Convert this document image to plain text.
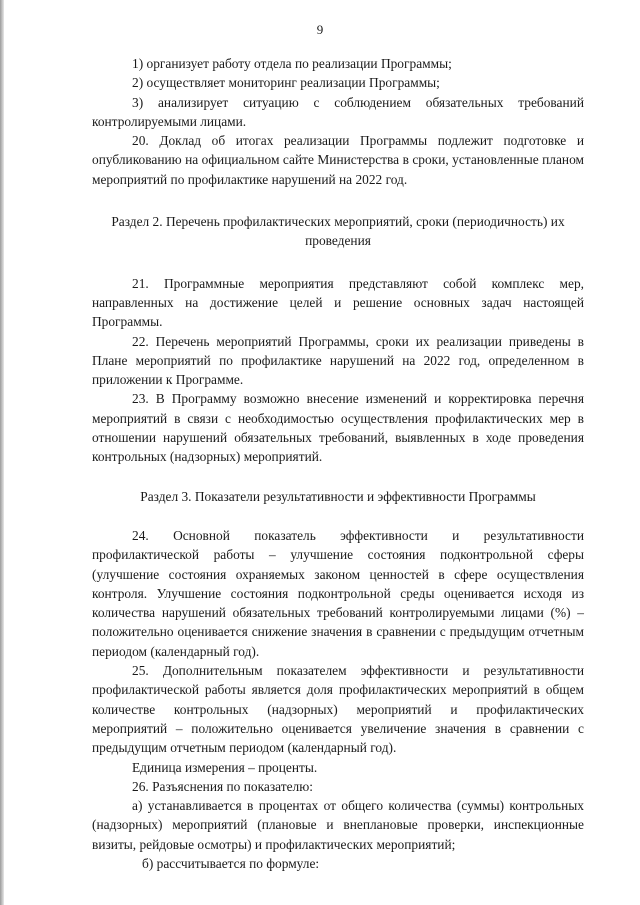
9

1) организует работу отдела по реализации Программы;

2) осуществляет мониторинг реализации Программы;

3) анализирует ситуацию с соблюдением обязательных требований контролируемыми лицами.

20. Доклад об итогах реализации Программы подлежит подготовке и опубликованию на официальном сайте Министерства в сроки, установленные планом мероприятий по профилактике нарушений на 2022 год.

Раздел 2. Перечень профилактических мероприятий, сроки (периодичность) их проведения

21. Программные мероприятия представляют собой комплекс мер, направленных на достижение целей и решение основных задач настоящей Программы.

22. Перечень мероприятий Программы, сроки их реализации приведены в Плане мероприятий по профилактике нарушений на 2022 год, определенном в приложении к Программе.

23. В Программу возможно внесение изменений и корректировка перечня мероприятий в связи с необходимостью осуществления профилактических мер в отношении нарушений обязательных требований, выявленных в ходе проведения контрольных (надзорных) мероприятий.

Раздел 3. Показатели результативности и эффективности Программы

24. Основной показатель эффективности и результативности профилактической работы – улучшение состояния подконтрольной сферы (улучшение состояния охраняемых законом ценностей в сфере осуществления контроля. Улучшение состояния подконтрольной среды оценивается исходя из количества нарушений обязательных требований контролируемыми лицами (%) – положительно оценивается снижение значения в сравнении с предыдущим отчетным периодом (календарный год).

25. Дополнительным показателем эффективности и результативности профилактической работы является доля профилактических мероприятий в общем количестве контрольных (надзорных) мероприятий и профилактических мероприятий – положительно оценивается увеличение значения в сравнении с предыдущим отчетным периодом (календарный год).

Единица измерения – проценты.

26. Разъяснения по показателю:

а) устанавливается в процентах от общего количества (суммы) контрольных (надзорных) мероприятий (плановые и внеплановые проверки, инспекционные визиты, рейдовые осмотры) и профилактических мероприятий;

б) рассчитывается по формуле:
